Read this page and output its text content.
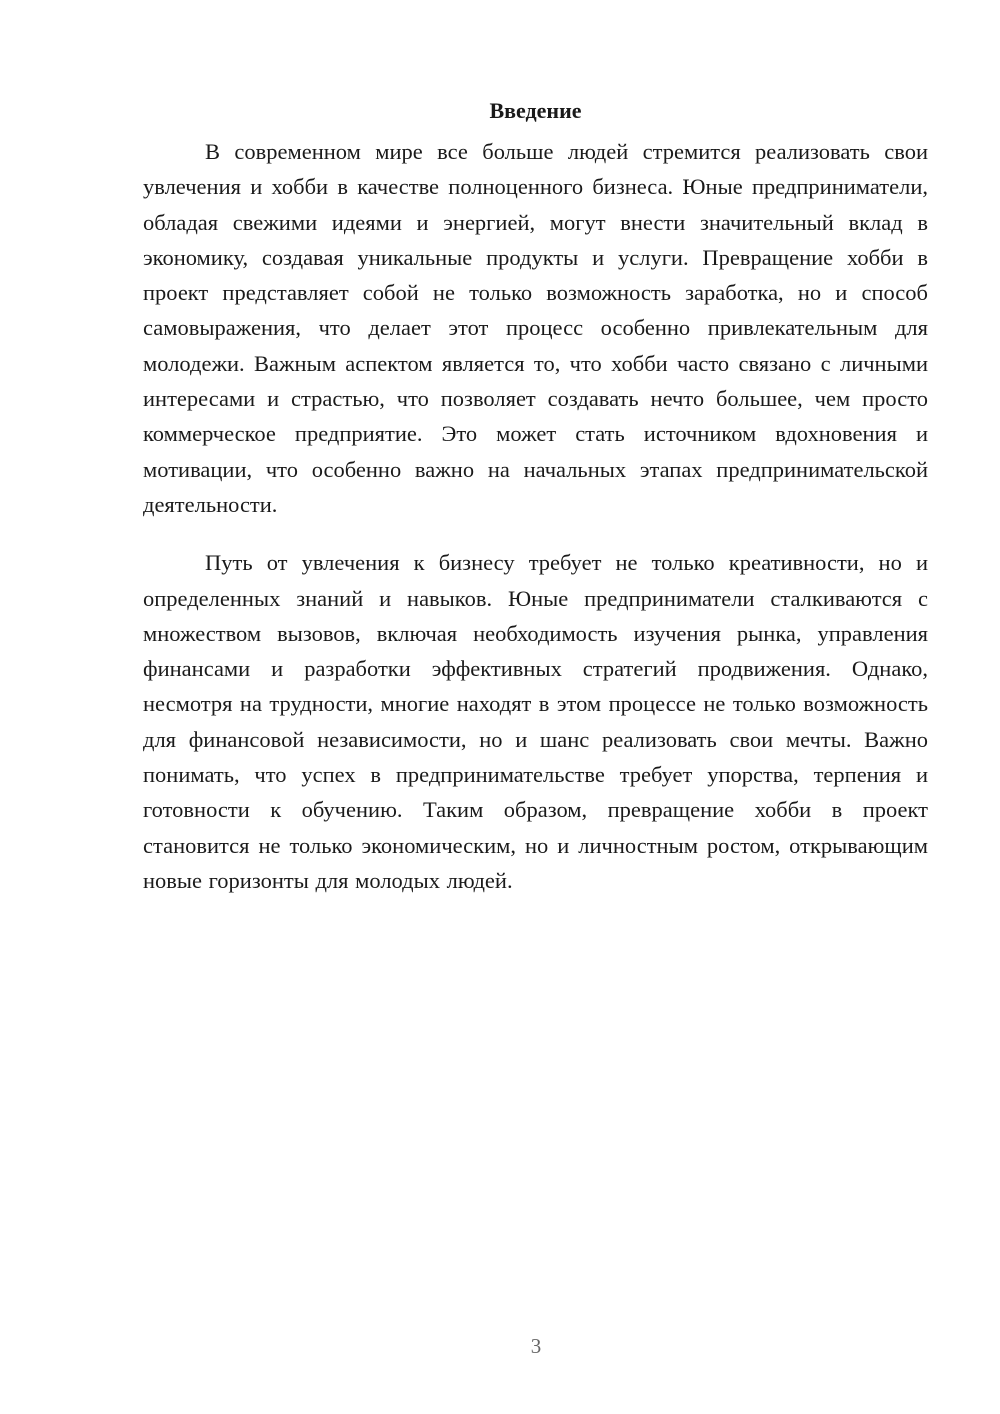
Введение

В современном мире все больше людей стремится реализовать свои увлечения и хобби в качестве полноценного бизнеса. Юные предприниматели, обладая свежими идеями и энергией, могут внести значительный вклад в экономику, создавая уникальные продукты и услуги. Превращение хобби в проект представляет собой не только возможность заработка, но и способ самовыражения, что делает этот процесс особенно привлекательным для молодежи. Важным аспектом является то, что хобби часто связано с личными интересами и страстью, что позволяет создавать нечто большее, чем просто коммерческое предприятие. Это может стать источником вдохновения и мотивации, что особенно важно на начальных этапах предпринимательской деятельности.

Путь от увлечения к бизнесу требует не только креативности, но и определенных знаний и навыков. Юные предприниматели сталкиваются с множеством вызовов, включая необходимость изучения рынка, управления финансами и разработки эффективных стратегий продвижения. Однако, несмотря на трудности, многие находят в этом процессе не только возможность для финансовой независимости, но и шанс реализовать свои мечты. Важно понимать, что успех в предпринимательстве требует упорства, терпения и готовности к обучению. Таким образом, превращение хобби в проект становится не только экономическим, но и личностным ростом, открывающим новые горизонты для молодых людей.

3
